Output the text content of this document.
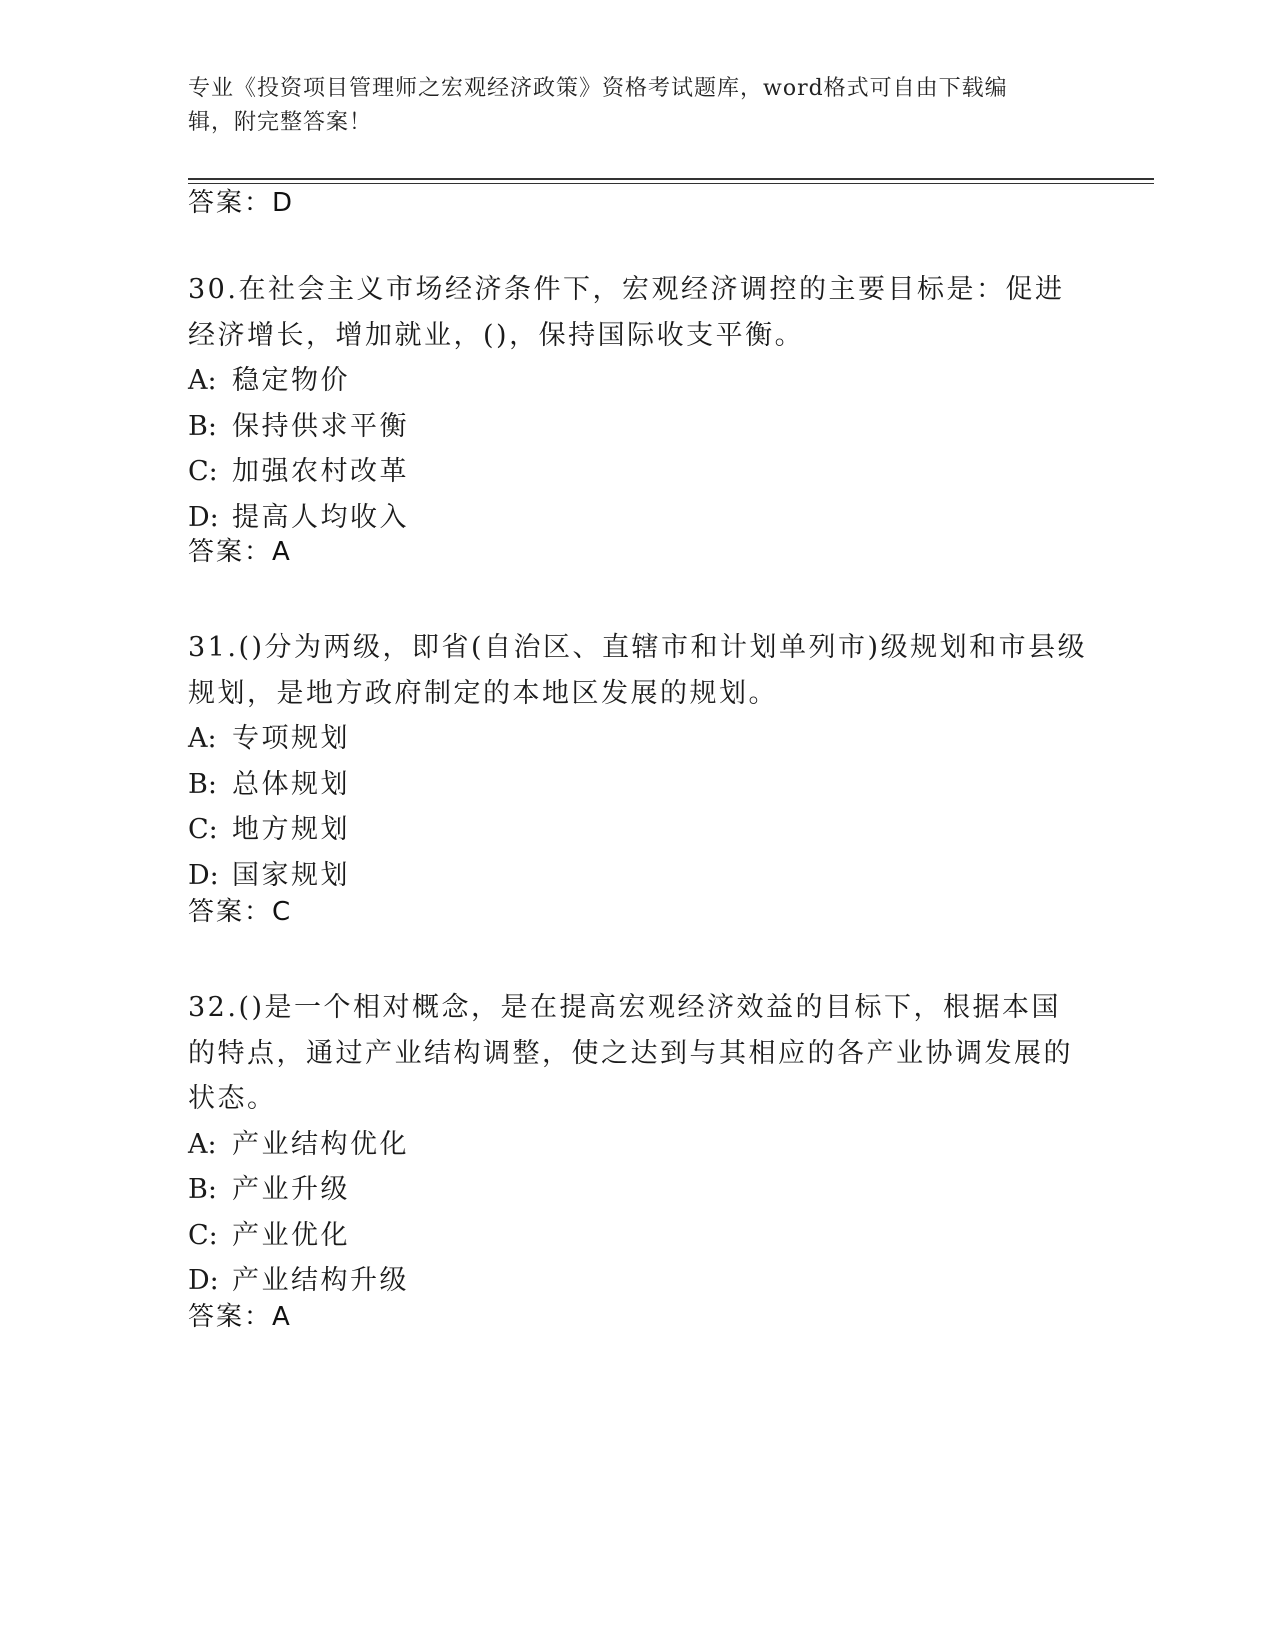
专业《投资项目管理师之宏观经济政策》资格考试题库，word格式可自由下载编
辑，附完整答案！
答案：D

30.在社会主义市场经济条件下，宏观经济调控的主要目标是：促进经济增长，增加就业，()，保持国际收支平衡。

A: 稳定物价

B: 保持供求平衡

C: 加强农村改革

D: 提高人均收入

答案：A

31.()分为两级，即省(自治区、直辖市和计划单列市)级规划和市县级规划，是地方政府制定的本地区发展的规划。

A: 专项规划

B: 总体规划

C: 地方规划

D: 国家规划

答案：C

32.()是一个相对概念，是在提高宏观经济效益的目标下，根据本国的特点，通过产业结构调整，使之达到与其相应的各产业协调发展的状态。

A: 产业结构优化

B: 产业升级

C: 产业优化

D: 产业结构升级

答案：A
